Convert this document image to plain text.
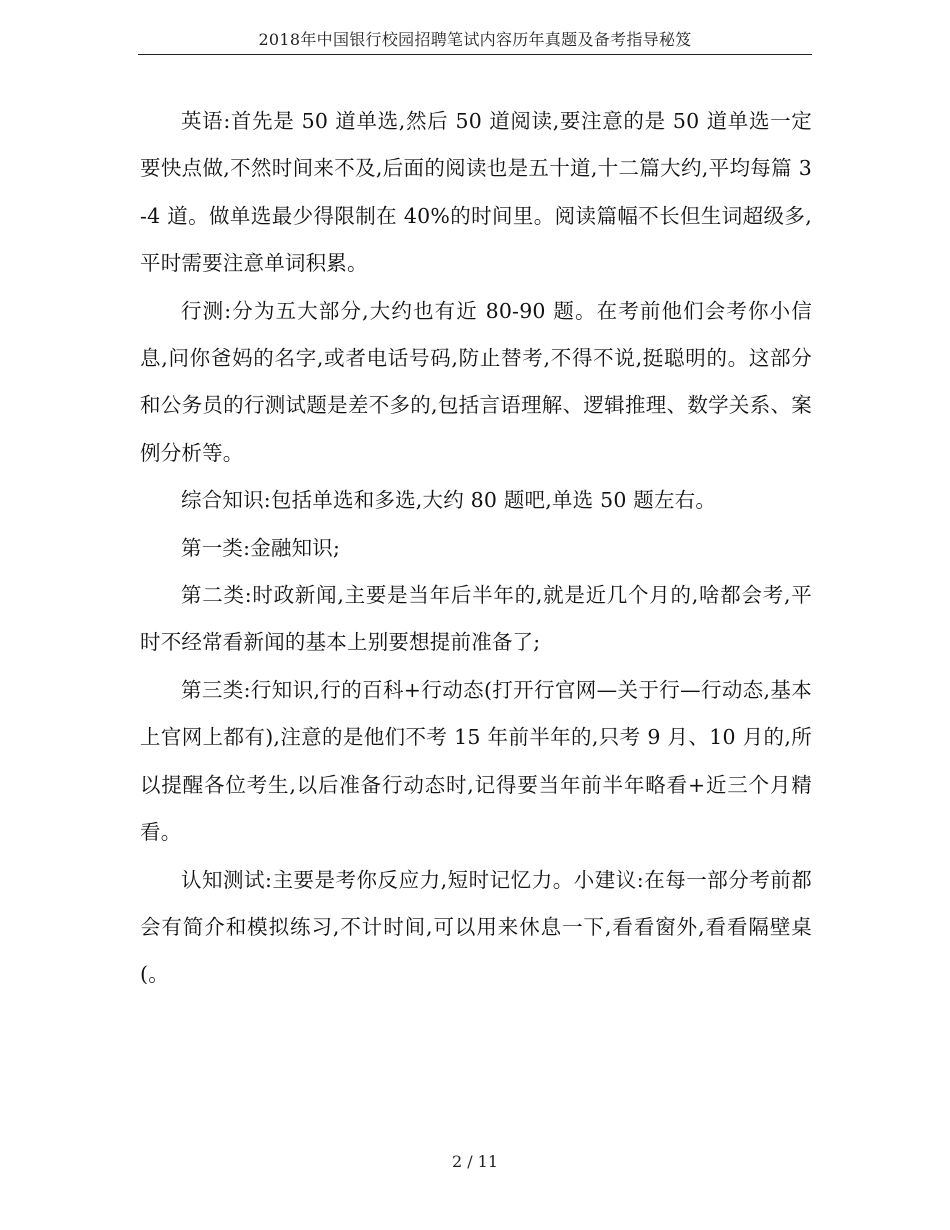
2018年中国银行校园招聘笔试内容历年真题及备考指导秘笈

英语:首先是 50 道单选,然后 50 道阅读,要注意的是 50 道单选一定要快点做,不然时间来不及,后面的阅读也是五十道,十二篇大约,平均每篇 3-4 道。做单选最少得限制在 40%的时间里。阅读篇幅不长但生词超级多,平时需要注意单词积累。

行测:分为五大部分,大约也有近 80-90 题。在考前他们会考你小信息,问你爸妈的名字,或者电话号码,防止替考,不得不说,挺聪明的。这部分和公务员的行测试题是差不多的,包括言语理解、逻辑推理、数学关系、案例分析等。

综合知识:包括单选和多选,大约 80 题吧,单选 50 题左右。

第一类:金融知识;

第二类:时政新闻,主要是当年后半年的,就是近几个月的,啥都会考,平时不经常看新闻的基本上别要想提前准备了;

第三类:行知识,行的百科+行动态(打开行官网—关于行—行动态,基本上官网上都有),注意的是他们不考 15 年前半年的,只考 9 月、10 月的,所以提醒各位考生,以后准备行动态时,记得要当年前半年略看+近三个月精看。

认知测试:主要是考你反应力,短时记忆力。小建议:在每一部分考前都会有简介和模拟练习,不计时间,可以用来休息一下,看看窗外,看看隔壁桌(。

2 / 11
